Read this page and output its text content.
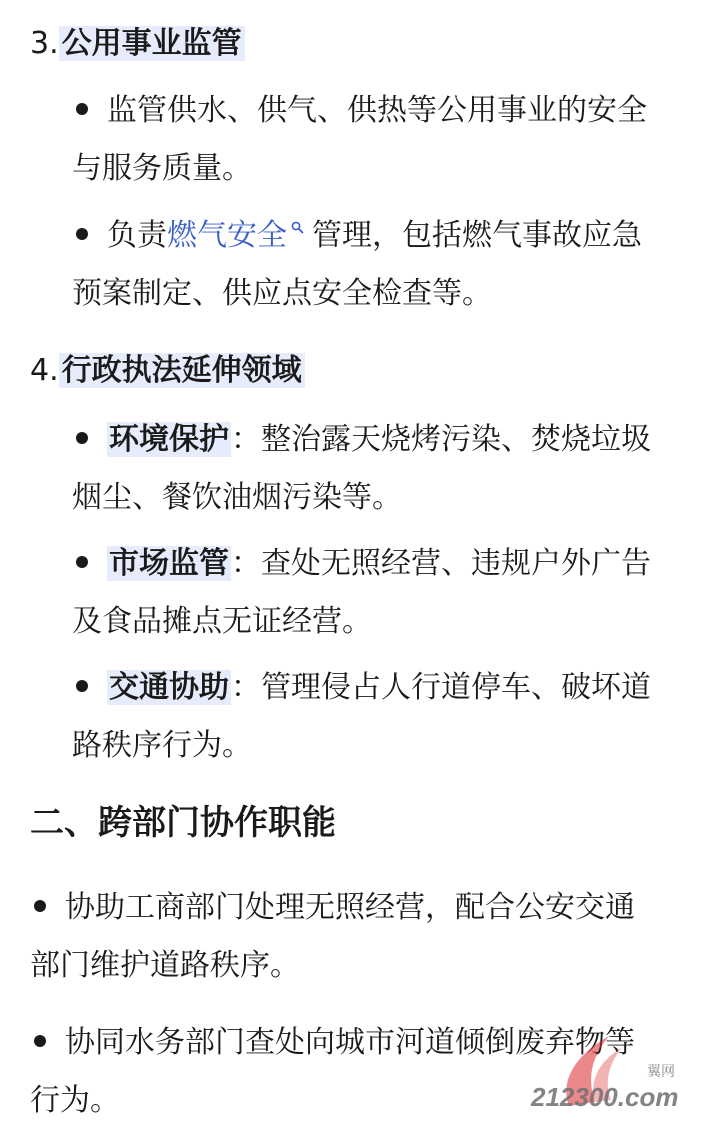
3. 公用事业监管
监管供水、供气、供热等公用事业的安全
与服务质量。
负责燃气安全 管理，包括燃气事故应急
预案制定、供应点安全检查等。
4. 行政执法延伸领域
环境保护：整治露天烧烤污染、焚烧垃圾
烟尘、餐饮油烟污染等。
市场监管：查处无照经营、违规户外广告
及食品摊点无证经营。
交通协助：管理侵占人行道停车、破坏道
路秩序行为。
二、跨部门协作职能
协助工商部门处理无照经营，配合公安交通
部门维护道路秩序。
协同水务部门查处向城市河道倾倒废弃物等
行为。
翼网
212300.com
